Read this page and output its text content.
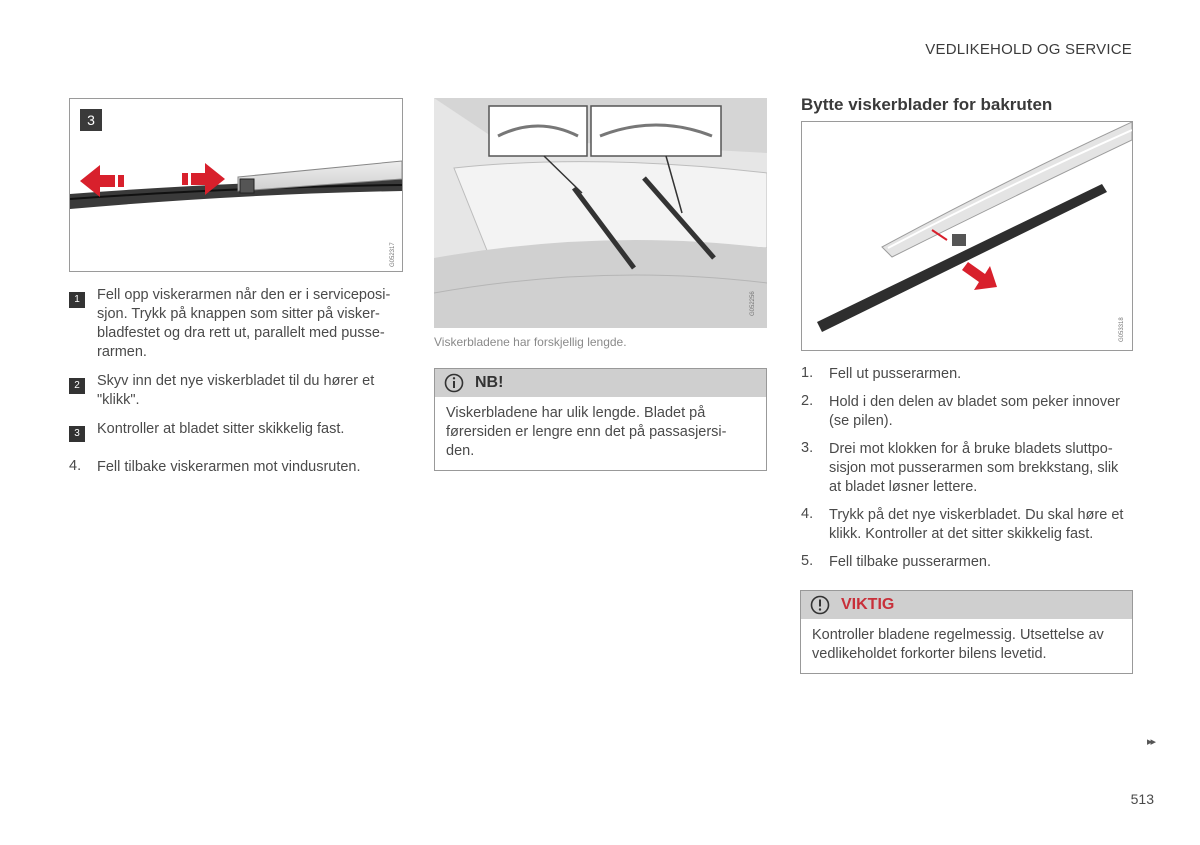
VEDLIKEHOLD OG SERVICE
3
G052317
1	Fell opp viskerarmen når den er i serviceposi-
sjon. Trykk på knappen som sitter på visker-
bladfestet og dra rett ut, parallelt med pusse-
rarmen.
2	Skyv inn det nye viskerbladet til du hører et
"klikk".
3	Kontroller at bladet sitter skikkelig fast.
4. Fell tilbake viskerarmen mot vindusruten.
G052256
Viskerbladene har forskjellig lengde.
NB!
Viskerbladene har ulik lengde. Bladet på
førersiden er lengre enn det på passasjersi-
den.
Bytte viskerblader for bakruten
G053318
1. Fell ut pusserarmen.
2. Hold i den delen av bladet som peker innover
(se pilen).
3. Drei mot klokken for å bruke bladets sluttpo-
sisjon mot pusserarmen som brekkstang, slik
at bladet løsner lettere.
4. Trykk på det nye viskerbladet. Du skal høre et
klikk. Kontroller at det sitter skikkelig fast.
5. Fell tilbake pusserarmen.
VIKTIG
Kontroller bladene regelmessig. Utsettelse av
vedlikeholdet forkorter bilens levetid.
▸▸
513
